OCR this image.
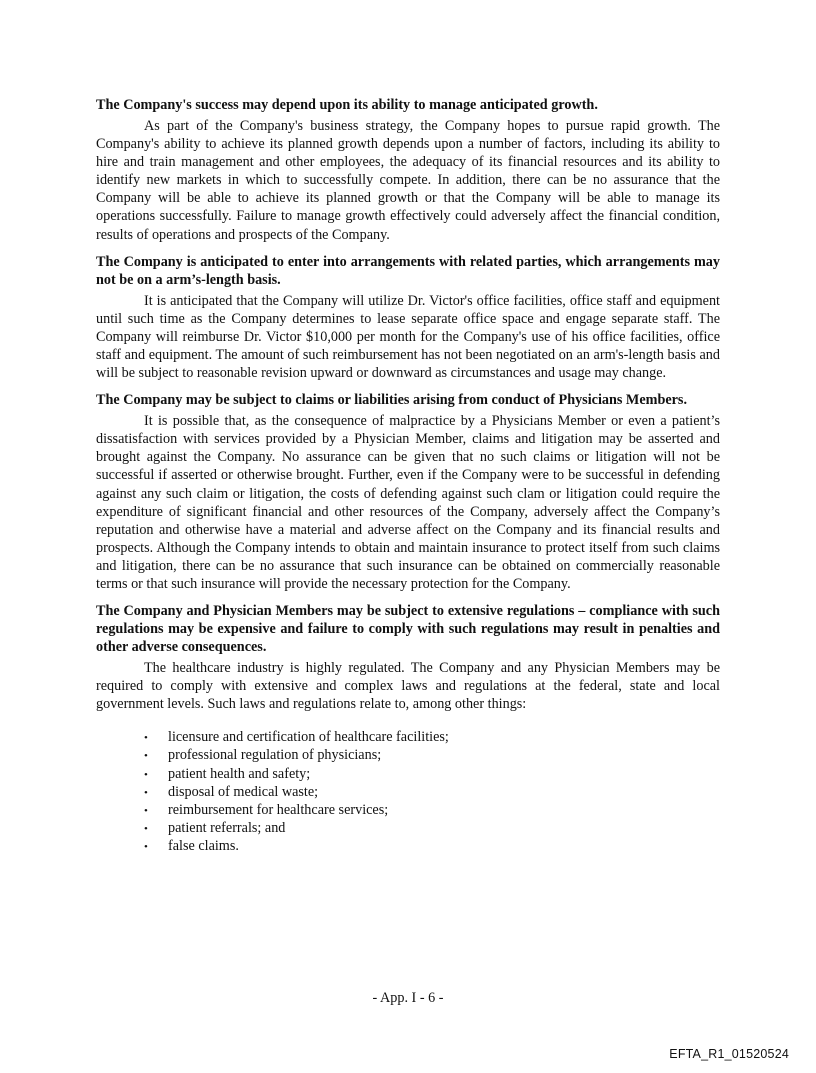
The Company's success may depend upon its ability to manage anticipated growth.

As part of the Company's business strategy, the Company hopes to pursue rapid growth. The Company's ability to achieve its planned growth depends upon a number of factors, including its ability to hire and train management and other employees, the adequacy of its financial resources and its ability to identify new markets in which to successfully compete. In addition, there can be no assurance that the Company will be able to achieve its planned growth or that the Company will be able to manage its operations successfully. Failure to manage growth effectively could adversely affect the financial condition, results of operations and prospects of the Company.

The Company is anticipated to enter into arrangements with related parties, which arrangements may not be on a arm’s-length basis.

It is anticipated that the Company will utilize Dr. Victor's office facilities, office staff and equipment until such time as the Company determines to lease separate office space and engage separate staff. The Company will reimburse Dr. Victor $10,000 per month for the Company's use of his office facilities, office staff and equipment. The amount of such reimbursement has not been negotiated on an arm's-length basis and will be subject to reasonable revision upward or downward as circumstances and usage may change.

The Company may be subject to claims or liabilities arising from conduct of Physicians Members.

It is possible that, as the consequence of malpractice by a Physicians Member or even a patient’s dissatisfaction with services provided by a Physician Member, claims and litigation may be asserted and brought against the Company. No assurance can be given that no such claims or litigation will not be successful if asserted or otherwise brought. Further, even if the Company were to be successful in defending against any such claim or litigation, the costs of defending against such clam or litigation could require the expenditure of significant financial and other resources of the Company, adversely affect the Company’s reputation and otherwise have a material and adverse affect on the Company and its financial results and prospects. Although the Company intends to obtain and maintain insurance to protect itself from such claims and litigation, there can be no assurance that such insurance can be obtained on commercially reasonable terms or that such insurance will provide the necessary protection for the Company.

The Company and Physician Members may be subject to extensive regulations – compliance with such regulations may be expensive and failure to comply with such regulations may result in penalties and other adverse consequences.

The healthcare industry is highly regulated. The Company and any Physician Members may be required to comply with extensive and complex laws and regulations at the federal, state and local government levels. Such laws and regulations relate to, among other things:

• licensure and certification of healthcare facilities;
• professional regulation of physicians;
• patient health and safety;
• disposal of medical waste;
• reimbursement for healthcare services;
• patient referrals; and
• false claims.
- App. I - 6 -
EFTA_R1_01520524
